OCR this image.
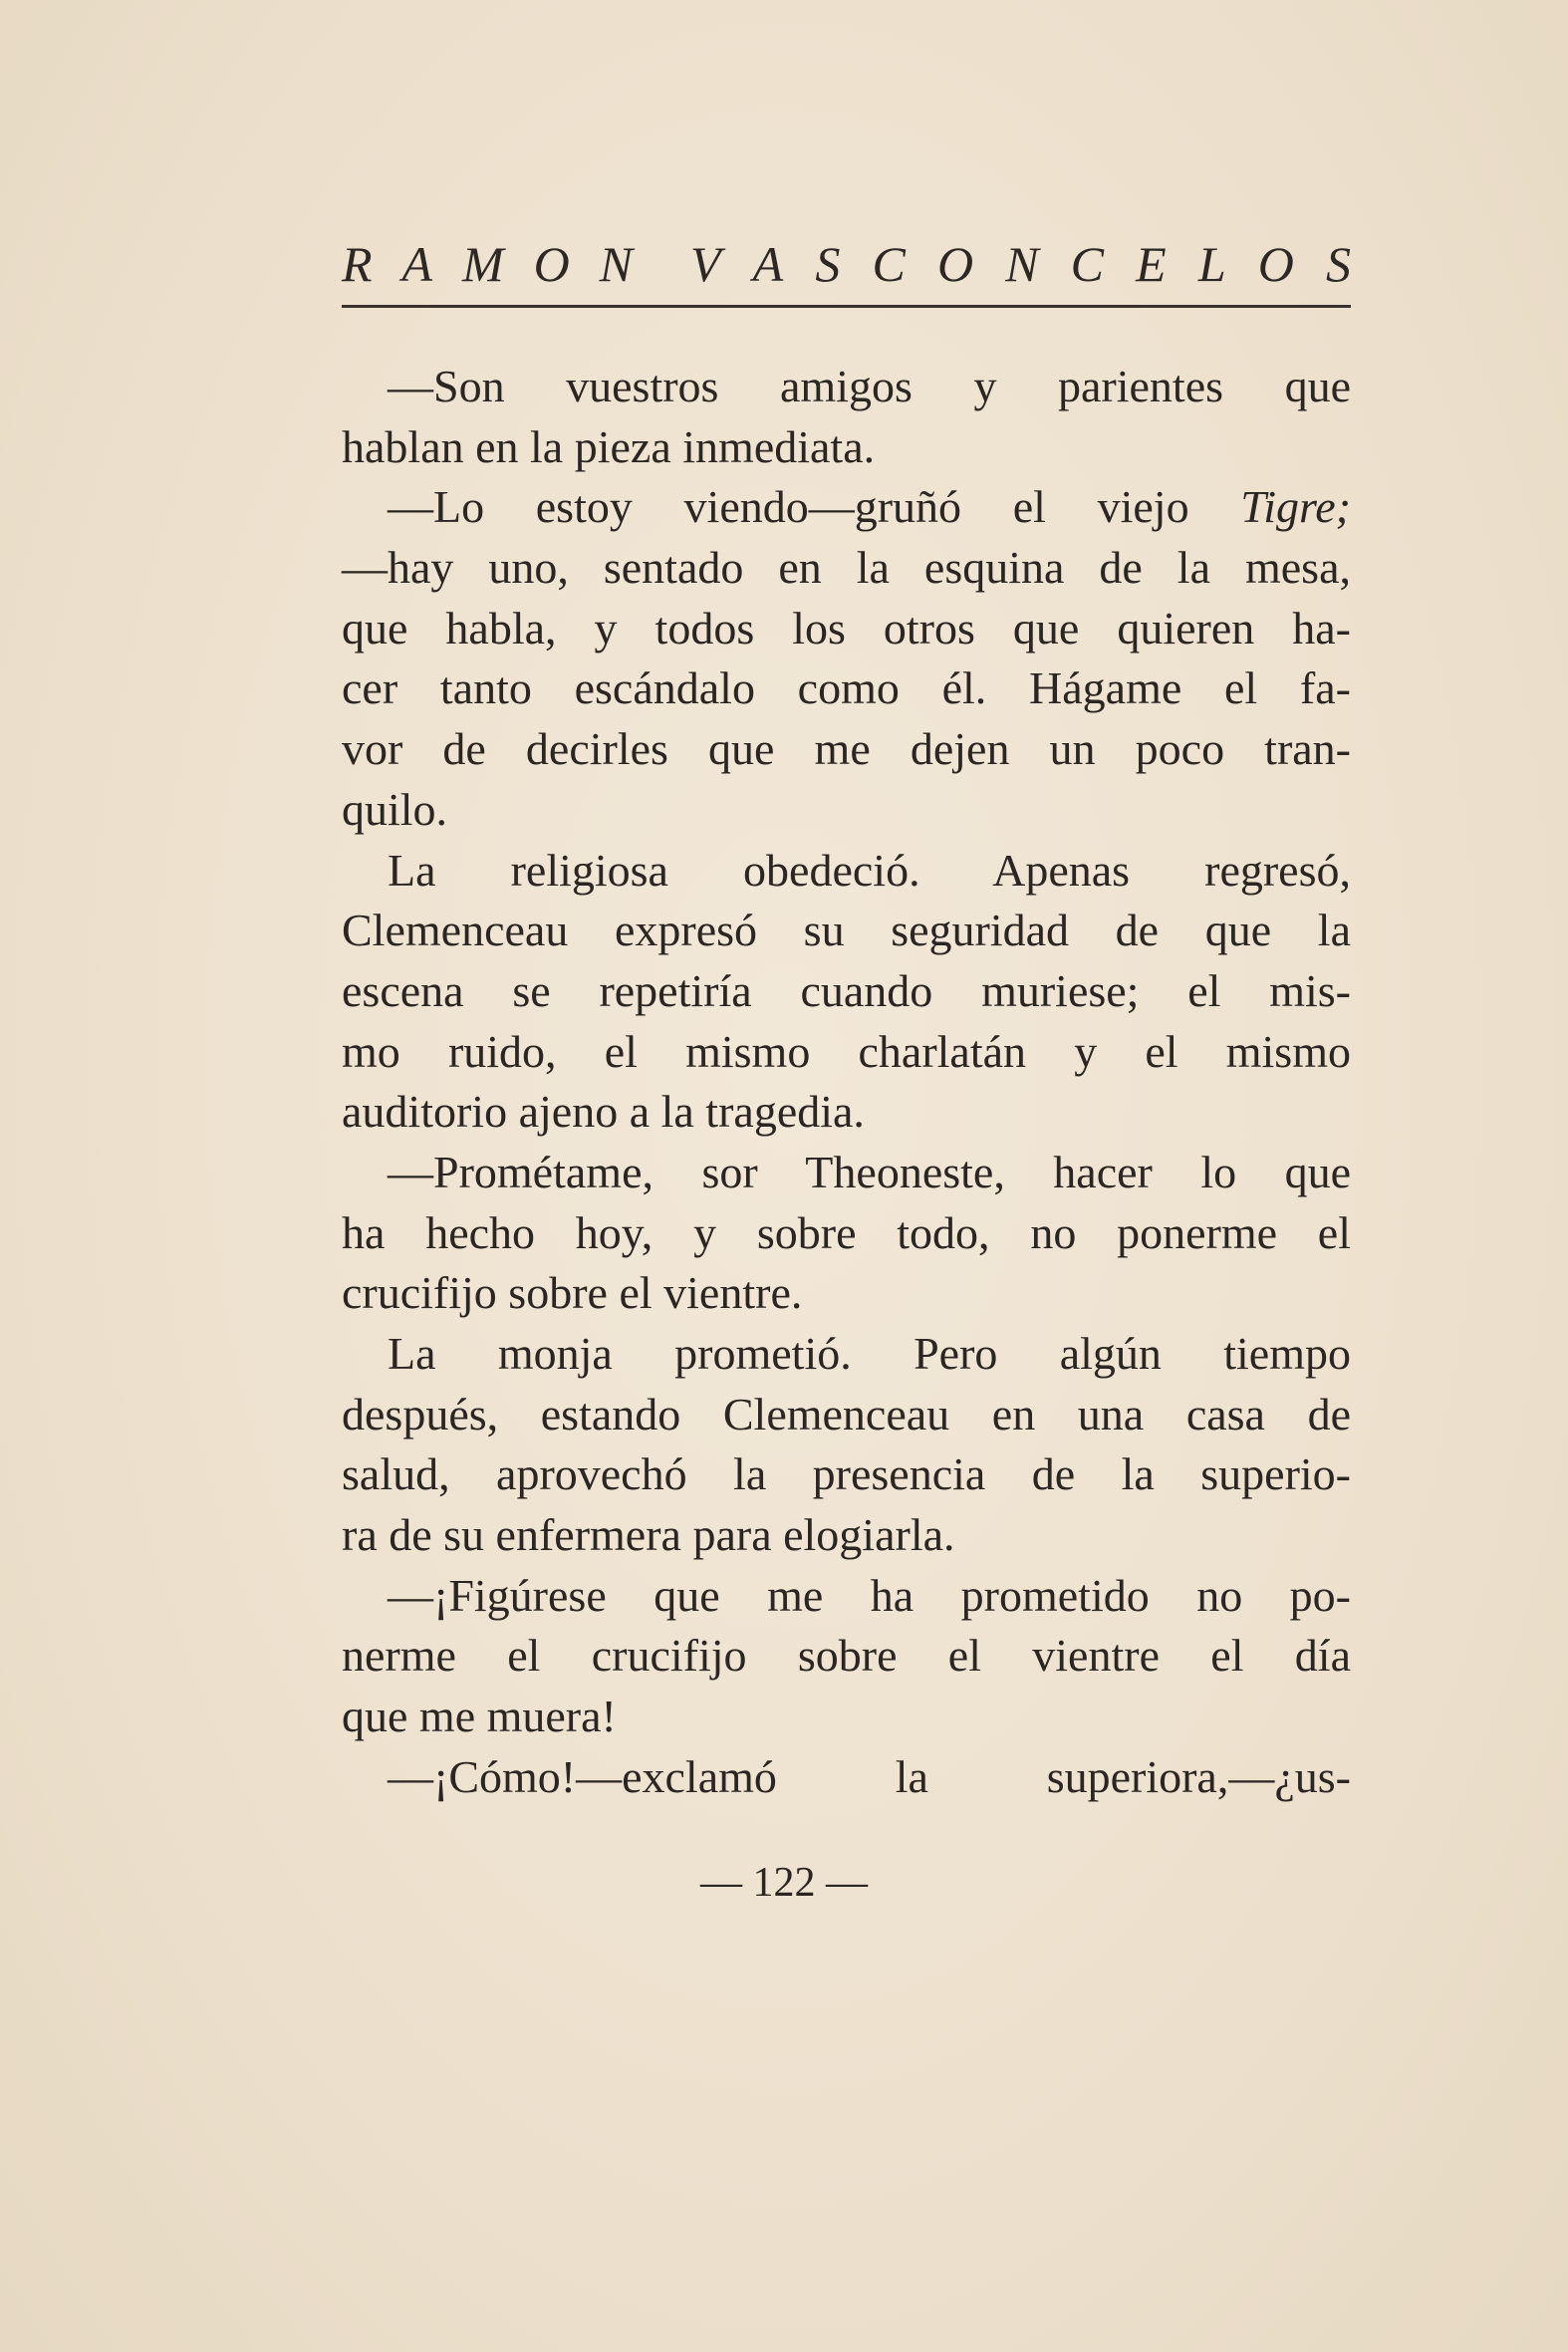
R A M O N V A S C O N C E L O S
—Son vuestros amigos y parientes que
hablan en la pieza inmediata.
—Lo estoy viendo—gruñó el viejo Tigre;
—hay uno, sentado en la esquina de la mesa,
que habla, y todos los otros que quieren ha-
cer tanto escándalo como él. Hágame el fa-
vor de decirles que me dejen un poco tran-
quilo.
La religiosa obedeció. Apenas regresó,
Clemenceau expresó su seguridad de que la
escena se repetiría cuando muriese; el mis-
mo ruido, el mismo charlatán y el mismo
auditorio ajeno a la tragedia.
—Prométame, sor Theoneste, hacer lo que
ha hecho hoy, y sobre todo, no ponerme el
crucifijo sobre el vientre.
La monja prometió. Pero algún tiempo
después, estando Clemenceau en una casa de
salud, aprovechó la presencia de la superio-
ra de su enfermera para elogiarla.
—¡Figúrese que me ha prometido no po-
nerme el crucifijo sobre el vientre el día
que me muera!
—¡Cómo!—exclamó la superiora,—¿us-
— 122 —
